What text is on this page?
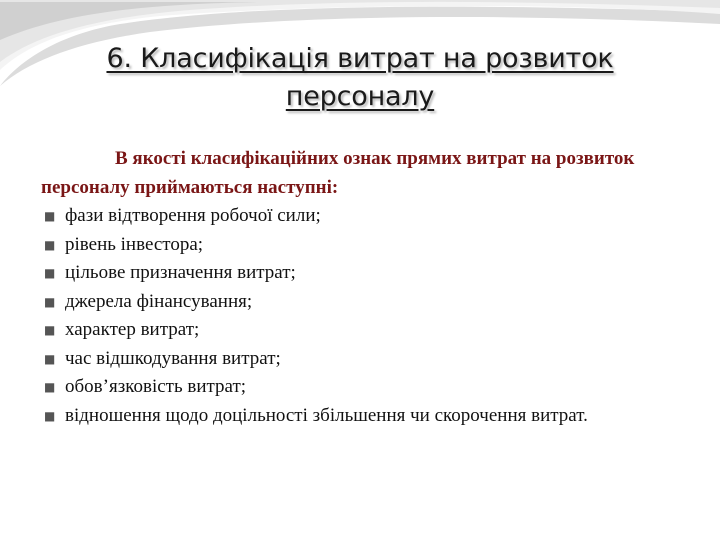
6. Класифікація витрат на розвиток
персоналу

В якості класифікаційних ознак прямих витрат на розвиток персоналу приймаються наступні:

■ фази відтворення робочої сили;
■ рівень інвестора;
■ цільове призначення витрат;
■ джерела фінансування;
■ характер витрат;
■ час відшкодування витрат;
■ обов’язковість витрат;
■ відношення щодо доцільності збільшення чи скорочення витрат.
